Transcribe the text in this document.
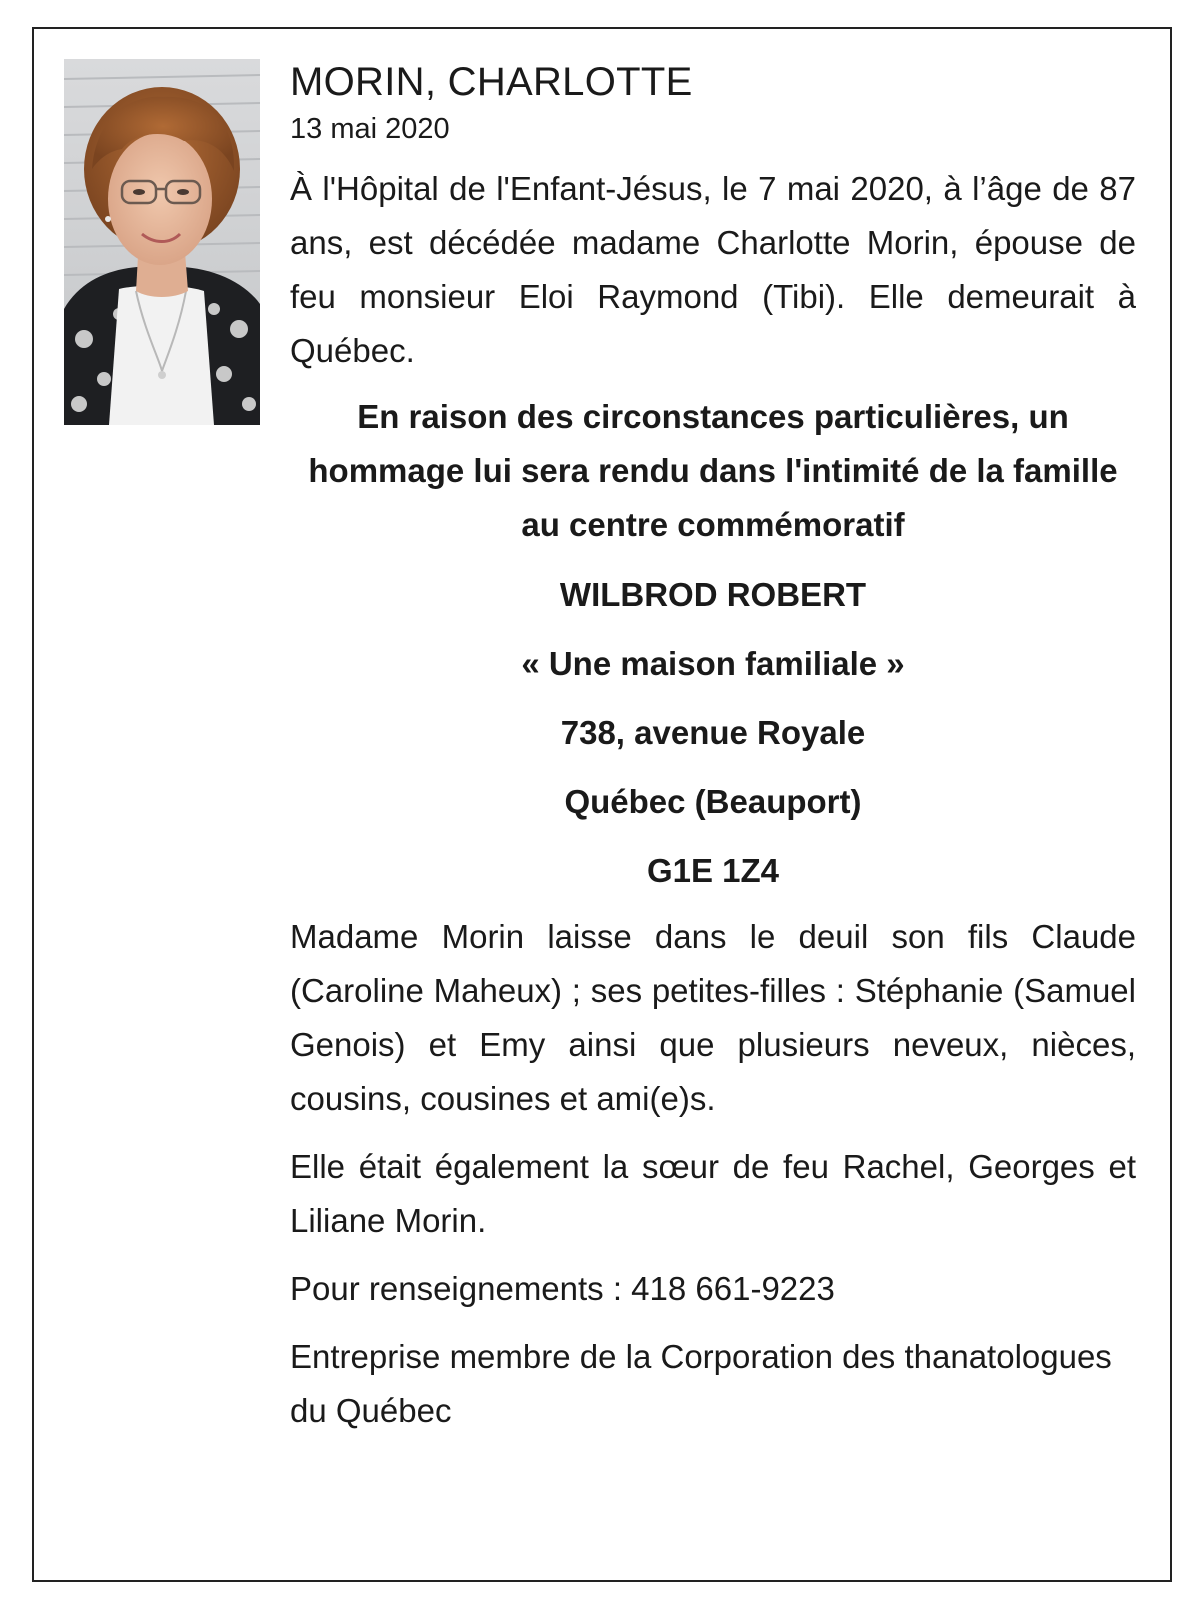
MORIN, CHARLOTTE

13 mai 2020

À l'Hôpital de l'Enfant-Jésus, le 7 mai 2020, à l’âge de 87 ans, est décédée madame Charlotte Morin, épouse de feu monsieur Eloi Raymond (Tibi). Elle demeurait à Québec.

En raison des circonstances particulières, un hommage lui sera rendu dans l'intimité de la famille au centre commémoratif

WILBROD ROBERT

« Une maison familiale »

738, avenue Royale

Québec (Beauport)

G1E 1Z4

Madame Morin laisse dans le deuil son fils Claude (Caroline Maheux) ; ses petites-filles : Stéphanie (Samuel Genois) et Emy ainsi que plusieurs neveux, nièces, cousins, cousines et ami(e)s.

Elle était également la sœur de feu Rachel, Georges et Liliane Morin.

Pour renseignements : 418 661-9223

Entreprise membre de la Corporation des thanatologues du Québec
